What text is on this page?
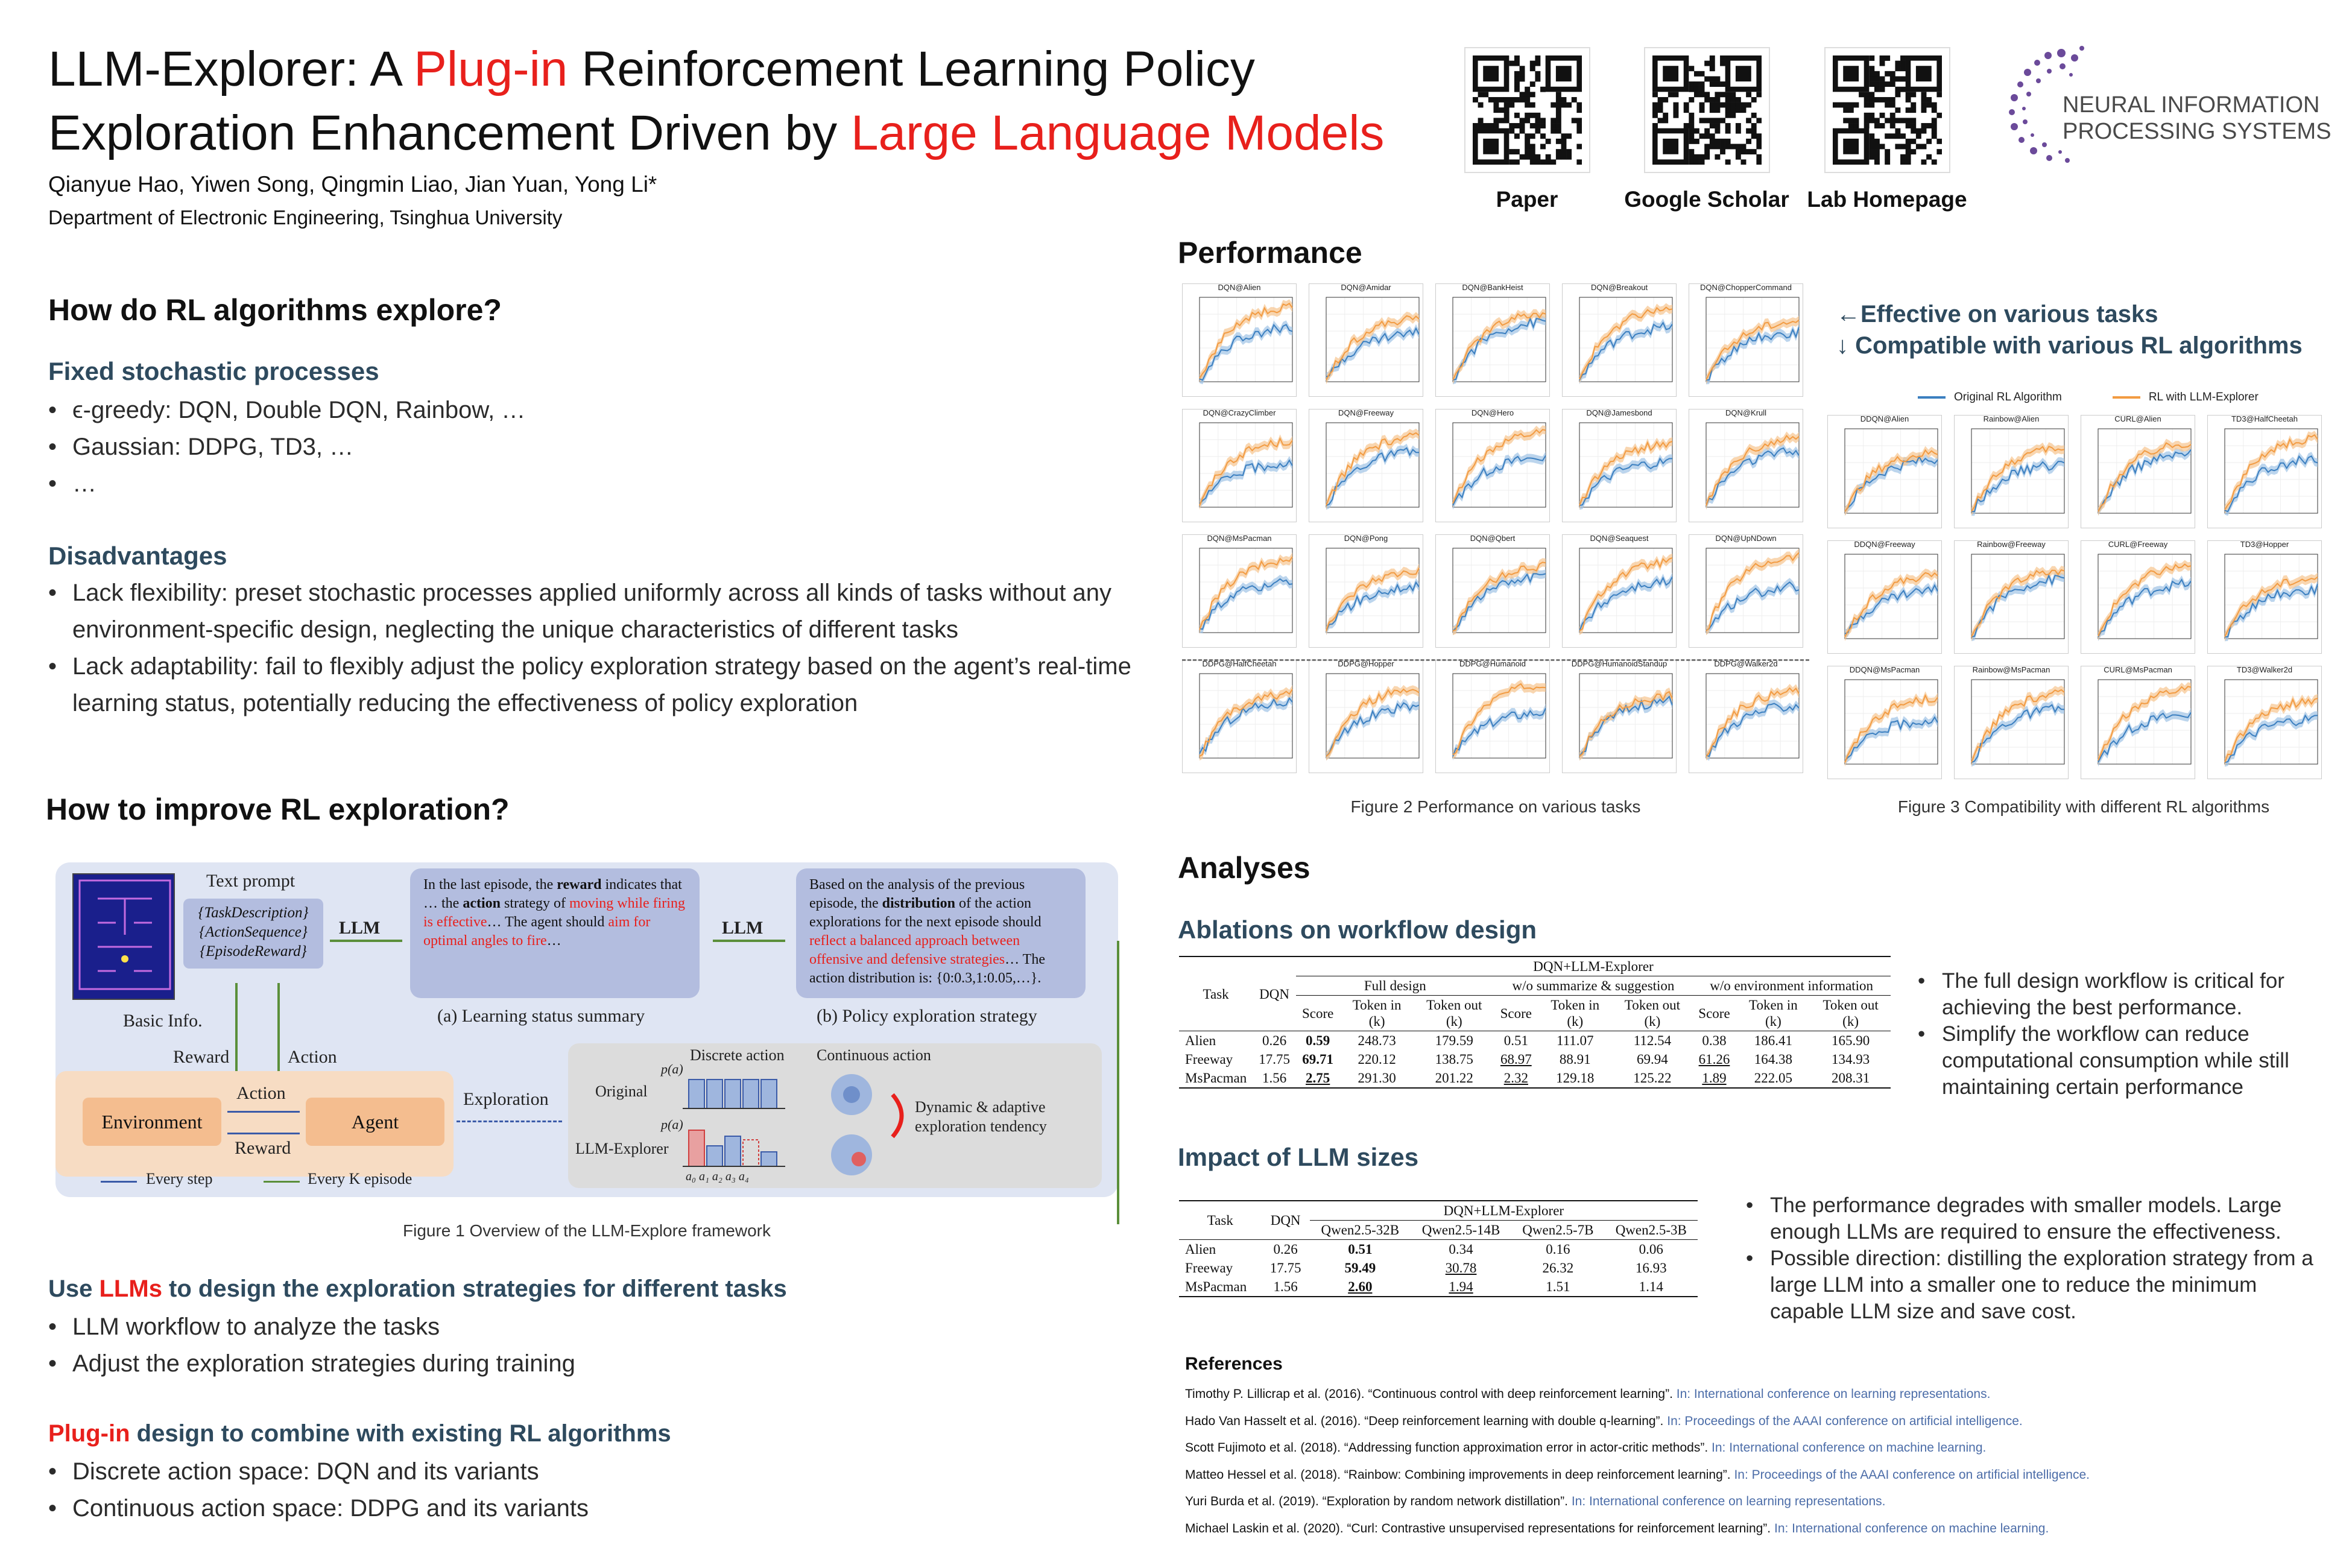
LLM-Explorer: A Plug-in Reinforcement Learning Policy
Exploration Enhancement Driven by Large Language Models
Qianyue Hao, Yiwen Song, Qingmin Liao, Jian Yuan, Yong Li*
Department of Electronic Engineering, Tsinghua University
Paper	Google Scholar Lab Homepage
NEURAL INFORMATION
PROCESSING SYSTEMS
How do RL algorithms explore?
Fixed stochastic processes
• ϵ-greedy: DQN, Double DQN, Rainbow, …
• Gaussian: DDPG, TD3, …
• …
Disadvantages
• Lack flexibility: preset stochastic processes applied uniformly across all kinds of tasks without any environment-specific design, neglecting the unique characteristics of different tasks
• Lack adaptability: fail to flexibly adjust the policy exploration strategy based on the agent’s real-time learning status, potentially reducing the effectiveness of policy exploration
How to improve RL exploration?
Text prompt
{TaskDescription}
{ActionSequence}
{EpisodeReward}
LLM
In the last episode, the reward indicates that … the action strategy of moving while firing is effective… The agent should aim for optimal angles to fire…
LLM
Based on the analysis of the previous episode, the distribution of the action explorations for the next episode should reflect a balanced approach between offensive and defensive strategies… The action distribution is: {0:0.3,1:0.05,…}.
(a) Learning status summary	(b) Policy exploration strategy
Basic Info.
Reward	Action
Environment	Agent
Action
Reward
Exploration
Discrete action Continuous action
Original
LLM-Explorer
p(a)
p(a)
a₀ a₁ a₂ a₃ a₄
Dynamic & adaptive exploration tendency
Every step	Every K episode
Figure 1 Overview of the LLM-Explore framework
Use LLMs to design the exploration strategies for different tasks
• LLM workflow to analyze the tasks
• Adjust the exploration strategies during training
Plug-in design to combine with existing RL algorithms
• Discrete action space: DQN and its variants
• Continuous action space: DDPG and its variants
Performance
DQN@Alien	DQN@Amidar	DQN@BankHeist	DQN@Breakout	DQN@ChopperCommand
DQN@CrazyClimber	DQN@Freeway	DQN@Hero	DQN@Jamesbond	DQN@Krull
DQN@MsPacman	DQN@Pong	DQN@Qbert	DQN@Seaquest	DQN@UpNDown
DDPG@HalfCheetah	DDPG@Hopper	DDPG@Humanoid	DDPG@HumanoidStandup	DDPG@Walker2d
Figure 2 Performance on various tasks
←Effective on various tasks
↓ Compatible with various RL algorithms
Original RL Algorithm	RL with LLM-Explorer
DDQN@Alien	Rainbow@Alien	CURL@Alien	TD3@HalfCheetah
DDQN@Freeway	Rainbow@Freeway	CURL@Freeway	TD3@Hopper
DDQN@MsPacman	Rainbow@MsPacman	CURL@MsPacman	TD3@Walker2d
Figure 3 Compatibility with different RL algorithms
Analyses
Ablations on workflow design
Task	DQN	DQN+LLM-Explorer								
		Full design			w/o summarize & suggestion			w/o environment information		
		Score	Token in (k)	Token out (k)	Score	Token in (k)	Token out (k)	Score	Token in (k)	Token out (k)
Alien	0.26	0.59	248.73	179.59	0.51	111.07	112.54	0.38	186.41	165.90
Freeway	17.75	69.71	220.12	138.75	68.97	88.91	69.94	61.26	164.38	134.93
MsPacman	1.56	2.75	291.30	201.22	2.32	129.18	125.22	1.89	222.05	208.31
• The full design workflow is critical for achieving the best performance.
• Simplify the workflow can reduce computational consumption while still maintaining certain performance
Impact of LLM sizes
Task	DQN	DQN+LLM-Explorer			
		Qwen2.5-32B	Qwen2.5-14B	Qwen2.5-7B	Qwen2.5-3B
Alien	0.26	0.51	0.34	0.16	0.06
Freeway	17.75	59.49	30.78	26.32	16.93
MsPacman	1.56	2.60	1.94	1.51	1.14
• The performance degrades with smaller models. Large enough LLMs are required to ensure the effectiveness.
• Possible direction: distilling the exploration strategy from a large LLM into a smaller one to reduce the minimum capable LLM size and save cost.
References
Timothy P. Lillicrap et al. (2016). “Continuous control with deep reinforcement learning”. In: International conference on learning representations.
Hado Van Hasselt et al. (2016). “Deep reinforcement learning with double q-learning”. In: Proceedings of the AAAI conference on artificial intelligence.
Scott Fujimoto et al. (2018). “Addressing function approximation error in actor-critic methods”. In: International conference on machine learning.
Matteo Hessel et al. (2018). “Rainbow: Combining improvements in deep reinforcement learning”. In: Proceedings of the AAAI conference on artificial intelligence.
Yuri Burda et al. (2019). “Exploration by random network distillation”. In: International conference on learning representations.
Michael Laskin et al. (2020). “Curl: Contrastive unsupervised representations for reinforcement learning”. In: International conference on machine learning.
